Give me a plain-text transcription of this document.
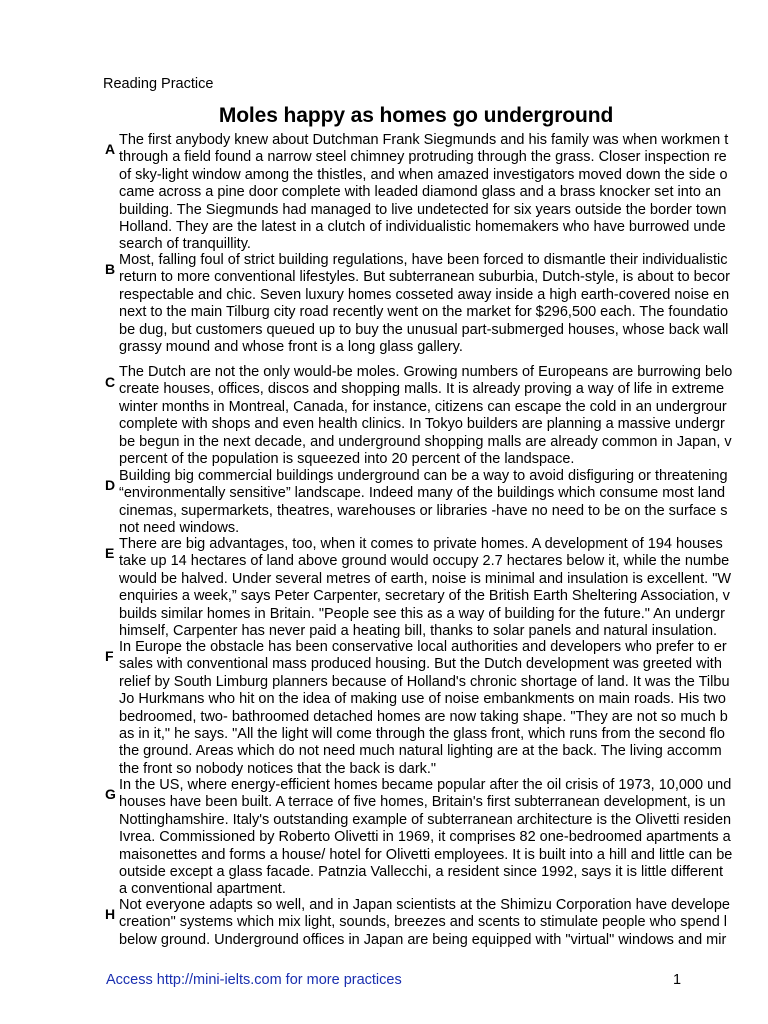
Reading Practice
Moles happy as homes go underground
A
The first anybody knew about Dutchman Frank Siegmunds and his family was when workmen t
through a field found a narrow steel chimney protruding through the grass. Closer inspection re
of sky-light window among the thistles, and when amazed investigators moved down the side o
came across a pine door complete with leaded diamond glass and a brass knocker set into an
building. The Siegmunds had managed to live undetected for six years outside the border town
Holland. They are the latest in a clutch of individualistic homemakers who have burrowed unde
search of tranquillity.
B
Most, falling foul of strict building regulations, have been forced to dismantle their individualistic
return to more conventional lifestyles. But subterranean suburbia, Dutch-style, is about to becor
respectable and chic. Seven luxury homes cosseted away inside a high earth-covered noise en
next to the main Tilburg city road recently went on the market for $296,500 each. The foundatio
be dug, but customers queued up to buy the unusual part-submerged houses, whose back wall
grassy mound and whose front is a long glass gallery.
C
The Dutch are not the only would-be moles. Growing numbers of Europeans are burrowing belo
create houses, offices, discos and shopping malls. It is already proving a way of life in extreme
winter months in Montreal, Canada, for instance, citizens can escape the cold in an undergrour
complete with shops and even health clinics. In Tokyo builders are planning a massive undergr
be begun in the next decade, and underground shopping malls are already common in Japan, v
percent of the population is squeezed into 20 percent of the landspace.
D
Building big commercial buildings underground can be a way to avoid disfiguring or threatening
“environmentally sensitive” landscape. Indeed many of the buildings which consume most land
cinemas, supermarkets, theatres, warehouses or libraries -have no need to be on the surface s
not need windows.
E
There are big advantages, too, when it comes to private homes. A development of 194 houses
take up 14 hectares of land above ground would occupy 2.7 hectares below it, while the numbe
would be halved. Under several metres of earth, noise is minimal and insulation is excellent. "W
enquiries a week,” says Peter Carpenter, secretary of the British Earth Sheltering Association, v
builds similar homes in Britain. "People see this as a way of building for the future." An undergr
himself, Carpenter has never paid a heating bill, thanks to solar panels and natural insulation.
F
In Europe the obstacle has been conservative local authorities and developers who prefer to er
sales with conventional mass produced housing. But the Dutch development was greeted with
relief by South Limburg planners because of Holland's chronic shortage of land. It was the Tilbu
Jo Hurkmans who hit on the idea of making use of noise embankments on main roads. His two
bedroomed, two- bathroomed detached homes are now taking shape. "They are not so much b
as in it," he says. "All the light will come through the glass front, which runs from the second flo
the ground. Areas which do not need much natural lighting are at the back. The living accomm
the front so nobody notices that the back is dark."
G
In the US, where energy-efficient homes became popular after the oil crisis of 1973, 10,000 und
houses have been built. A terrace of five homes, Britain's first subterranean development, is un
Nottinghamshire. Italy's outstanding example of subterranean architecture is the Olivetti residen
Ivrea. Commissioned by Roberto Olivetti in 1969, it comprises 82 one-bedroomed apartments a
maisonettes and forms a house/ hotel for Olivetti employees. It is built into a hill and little can be
outside except a glass facade. Patnzia Vallecchi, a resident since 1992, says it is little different
a conventional apartment.
H
Not everyone adapts so well, and in Japan scientists at the Shimizu Corporation have develope
creation" systems which mix light, sounds, breezes and scents to stimulate people who spend l
below ground. Underground offices in Japan are being equipped with "virtual" windows and mir
Access http://mini-ielts.com for more practices	1
